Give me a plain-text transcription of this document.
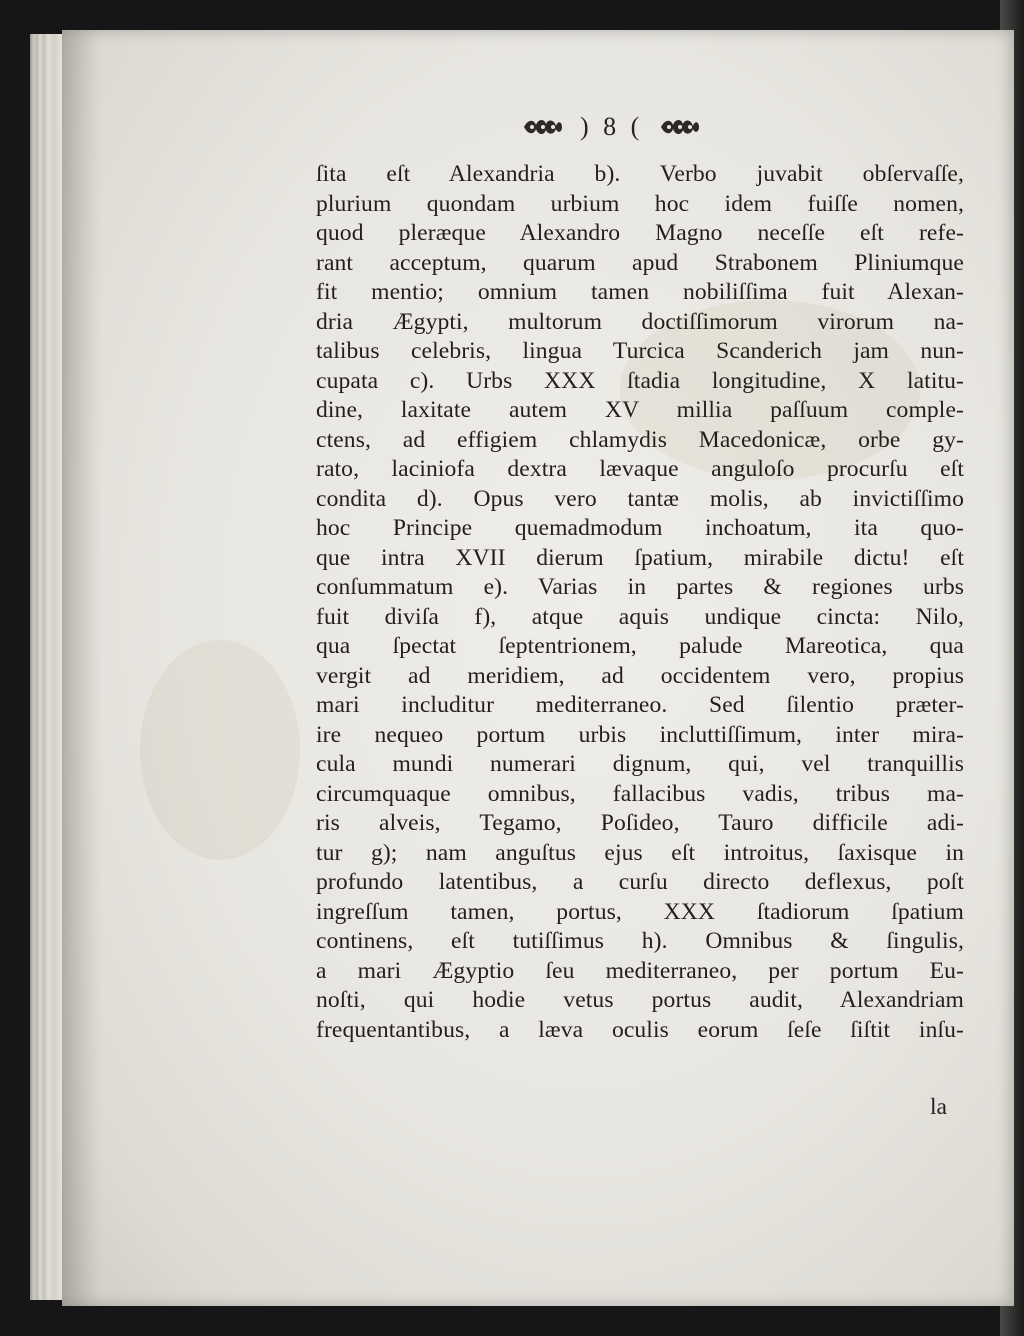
) 8 (
ſita eſt Alexandria b). Verbo juvabit obſervaſſe,
plurium quondam urbium hoc idem fuiſſe nomen,
quod pleræque Alexandro Magno neceſſe eſt refe-
rant acceptum, quarum apud Strabonem Pliniumque
fit mentio; omnium tamen nobiliſſima fuit Alexan-
dria Ægypti, multorum doctiſſimorum virorum na-
talibus celebris, lingua Turcica Scanderich jam nun-
cupata c). Urbs XXX ſtadia longitudine, X latitu-
dine, laxitate autem XV millia paſſuum comple-
ctens, ad effigiem chlamydis Macedonicæ, orbe gy-
rato, laciniofa dextra lævaque anguloſo procurſu eſt
condita d). Opus vero tantæ molis, ab invictiſſimo
hoc Principe quemadmodum inchoatum, ita quo-
que intra XVII dierum ſpatium, mirabile dictu! eſt
conſummatum e). Varias in partes & regiones urbs
fuit diviſa f), atque aquis undique cincta: Nilo,
qua ſpectat ſeptentrionem, palude Mareotica, qua
vergit ad meridiem, ad occidentem vero, propius
mari includitur mediterraneo. Sed ſilentio præter-
ire nequeo portum urbis incluttiſſimum, inter mira-
cula mundi numerari dignum, qui, vel tranquillis
circumquaque omnibus, fallacibus vadis, tribus ma-
ris alveis, Tegamo, Poſideo, Tauro difficile adi-
tur g); nam anguſtus ejus eſt introitus, ſaxisque in
profundo latentibus, a curſu directo deflexus, poſt
ingreſſum tamen, portus, XXX ſtadiorum ſpatium
continens, eſt tutiſſimus h). Omnibus & ſingulis,
a mari Ægyptio ſeu mediterraneo, per portum Eu-
noſti, qui hodie vetus portus audit, Alexandriam
frequentantibus, a læva oculis eorum ſeſe ſiſtit inſu-
la
